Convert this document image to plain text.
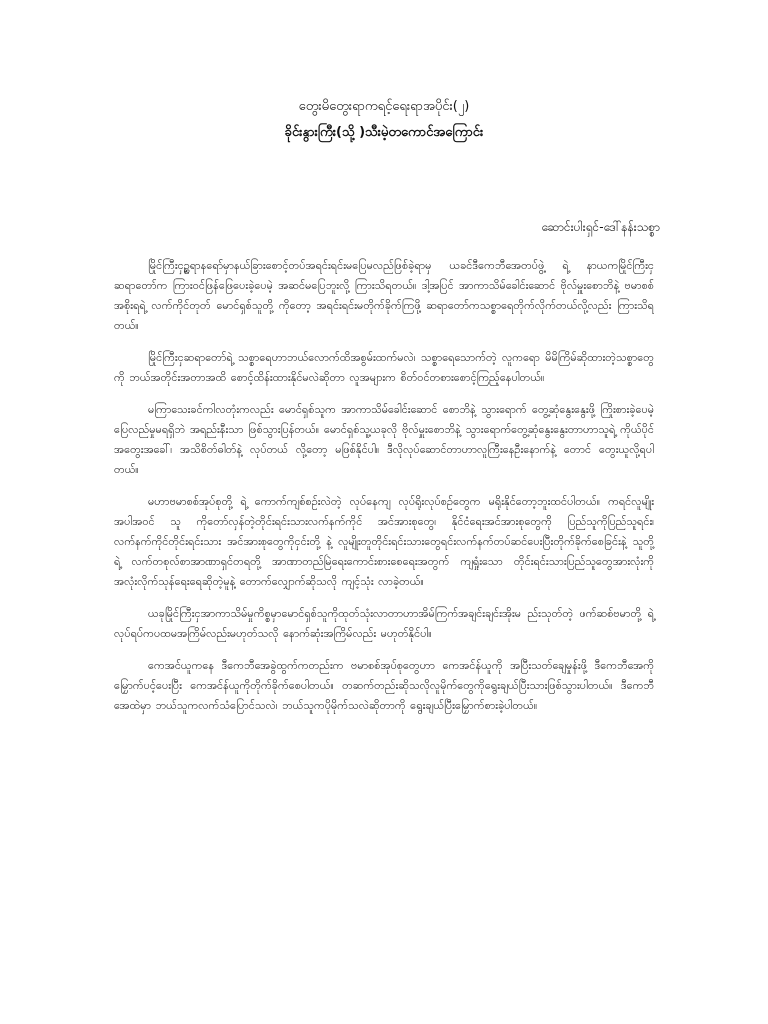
တွေးမိတွေးရာကရင့်ရေးရာအပိုင်း(၂)
ခိုင်းနွားကြီး(သို့ )သီးမဲ့တကောင်အကြောင်း
ဆောင်းပါးရှင်-ဒေါ်နန်းသစ္စာ

မြိုင်ကြီးငှဥ္ဆရာနရော်မှာနယ်ခြားစောင့်တပ်အရင်းရင်းမပြေမလည်ဖြစ်ခဲ့ရာမှ ယခင်ဒီကေဘီအေတပ်ဖွဲ့ ရဲ့ နာယကမြိုင်ကြီးငှဆရာတော်က ကြားဝင်ဖြန်ဖြေပေးခဲ့ပေမဲ့ အဆင်မပြေဘူးလို့ ကြားသိရတယ်။ ဒါ့အပြင် အာကာသိမ်ခေါင်းဆောင် ဗိုလ်မှူးစောဘိနဲ့ ဗမာစစ်အစိုးရရဲ့ လက်ကိုင်တုတ် မောင်ရှစ်သူတို့ ကိုတော့ အရင်းရင်းမတိုက်ခိုက်ကြဖို့ ဆရာတော်ကသစ္စာရေတိုက်လိုက်တယ်လို့လည်း ကြားသိရတယ်။

မြိုင်ကြီးငှဆရာတော်ရဲ့ သစ္စာရေဟာဘယ်လောက်ထိအစွမ်းထက်မလဲ၊ သစ္စာရေသောက်တဲ့ လူကရော မိမိကြိမ်ဆိုထားတဲ့သစ္စာတွေကို ဘယ်အတိုင်းအတာအထိ စောင့်ထိန်းထားနိုင်မလဲဆိုတာ လူအများက စိတ်ဝင်တစားစောင့်ကြည့်နေပါတယ်။

မကြာသေးခင်ကါလတုံးကလည်း မောင်ရှစ်သူက အာကာသိမ်ခေါင်းဆောင် စောဘိနဲ့ သွားရောက် တွေ့ဆုံနွေးနွေးဖို့ ကြိုးစားခဲ့ပေမဲ့ ပြေလည်မှုမရရှိဘဲ အရည်းနီးသာ ဖြစ်သွားပြန်တယ်။ မောင်ရှစ်သူ့ယခုလို ဗိုလ်မှူးစောဘိနဲ့ သွားရောက်တွေ့ဆုံနွေးနွေးတာဟာသူရဲ့ ကိုယ်ပိုင်အတွေးအခေါ်၊ အသိစိတ်ဓါတ်နဲ့ လုပ်တယ် လို့တော့ မဖြစ်နိုင်ပါ။ ဒီလိုလုပ်ဆောင်တာဟာလူကြီးနေဦးနောက်နဲ့ တောင် တွေးယူလို့ရပါတယ်။

မဟာဗမာစစ်အုပ်စုတို့ ရဲ့ ကောက်ကျစ်စဉ်းလဲတဲ့ လုပ်နေကျ လုပ်ရိုးလုပ်စဉ်တွေက မရိုးနိုင်တော့ဘူးထင်ပါတယ်။ ကရင်လူမျိုးအပါအဝင် သူ ကိုတော်လှန်တဲ့တိုင်းရင်းသားလက်နက်ကိုင် အင်အားစုတွေ၊ နိုင်ငံရေးအင်အားစုတွေကို ပြည်သူကိုပြည်သူရင်း၊ လက်နက်ကိုင်တိုင်းရင်းသား အင်အားစုတွေကိုငှင်းတို့ နဲ့ လူမျိုးတူတိုင်းရင်းသားတွေရင်းလက်နက်တပ်ဆင်ပေးပြီးတိုက်ခိုက်စေခြင်းနဲ့ သူတို့ ရဲ့ လက်တစုလ်စာအာဏာရှင်တရတို့ အာဏာတည်မြဲရေးကောင်းစားစေရေးအတွက် ကျရှုံးသော တိုင်းရင်းသားပြည်သူတွေအားလုံးကို အလုံးလိုက်သုန်ရေးရေဆိုတဲ့မူနဲ့ တောက်လျှောက်ဆိုသလို ကျင့်သုံး လာခဲ့တယ်။

ယခုမြိုင်ကြီးငှအာကာသိမ်မှုကိစ္စမှာမောင်ရှစ်သူကိုထုတ်သုံးလာတာဟာအိမ်ကြက်အချင်းချင်းအိုးမ ည်းသုတ်တဲ့ ဖက်ဆစ်ဗမာတို့ ရဲ့လုပ်ရပ်ကပထမအကြိမ်လည်းမဟုတ်သလို နောက်ဆုံးအကြိမ်လည်း မဟုတ်နိုင်ပါ။

ကေအင်ယူကနေ ဒီကေဘီအေခွဲထွက်ကတည်းက ဗမာစစ်အုပ်စုတွေဟာ ကေအင်န်ယူကို အပြီးသတ်ချေမှုန်းဖို့ ဒီကေဘီအေကိုမြှောက်ပင့်ပေးပြီး ကေအင်န်ယူကိုတိုက်ခိုက်စေပါတယ်။ တဆက်တည်းဆိုသလိုလူမိုက်တွေကိုရွေးချယ်ပြီးသားဖြစ်သွားပါတယ်။ ဒီကေဘီအေထဲမှာ ဘယ်သူကလက်သံပြောင်သလဲ၊ ဘယ်သူကပိုမိုက်သလဲဆိုတာကို ရွေးချယ်ပြီးမြှောက်စားခဲ့ပါတယ်။
